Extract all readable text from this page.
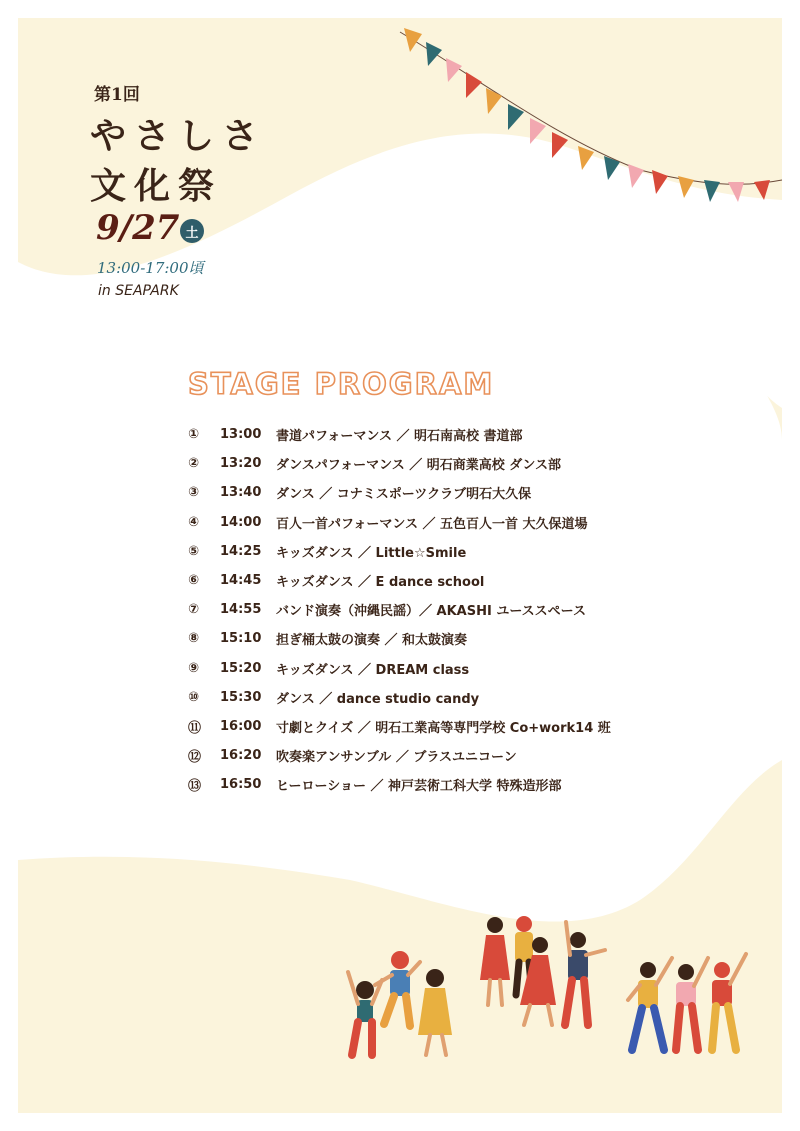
第1回
やさしさ
文化祭
9/27 土
13:00-17:00頃
in SEAPARK
STAGE PROGRAM
①	13:00	書道パフォーマンス ／ 明石南高校 書道部
②	13:20	ダンスパフォーマンス ／ 明石商業高校 ダンス部
③	13:40	ダンス ／ コナミスポーツクラブ明石大久保
④	14:00	百人一首パフォーマンス ／ 五色百人一首 大久保道場
⑤	14:25	キッズダンス ／ Little☆Smile
⑥	14:45	キッズダンス ／ E dance school
⑦	14:55	バンド演奏（沖縄民謡）／ AKASHI ユーススペース
⑧	15:10	担ぎ桶太鼓の演奏 ／ 和太鼓演奏
⑨	15:20	キッズダンス ／ DREAM class
⑩	15:30	ダンス ／ dance studio candy
⑪	16:00	寸劇とクイズ ／ 明石工業高等専門学校 Co+work14 班
⑫	16:20	吹奏楽アンサンブル ／ ブラスユニコーン
⑬	16:50	ヒーローショー ／ 神戸芸術工科大学 特殊造形部
